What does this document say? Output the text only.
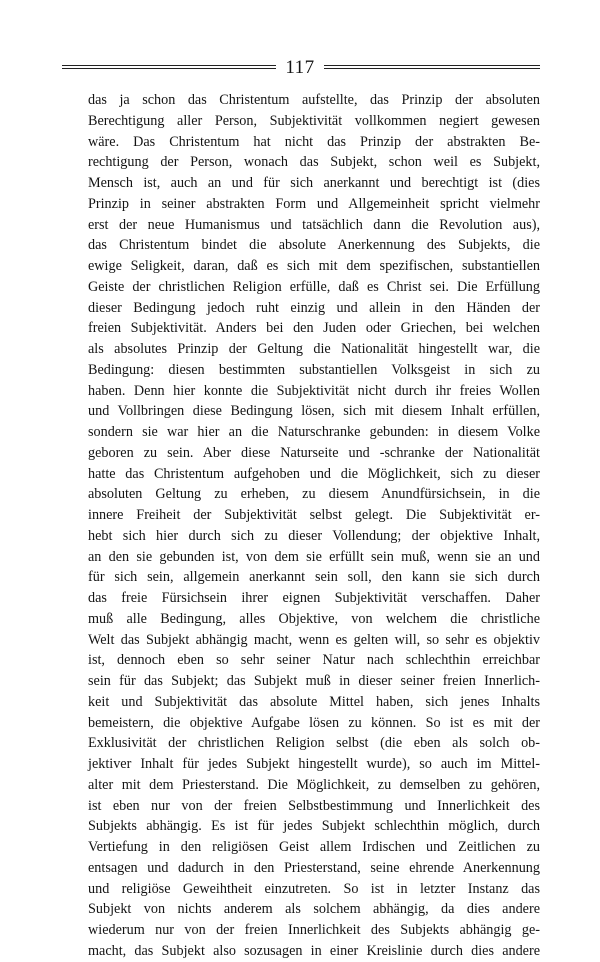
117
das ja schon das Christentum aufstellte, das Prinzip der absoluten
Berechtigung aller Person, Subjektivität vollkommen negiert gewesen
wäre. Das Christentum hat nicht das Prinzip der abstrakten Be-
rechtigung der Person, wonach das Subjekt, schon weil es Subjekt,
Mensch ist, auch an und für sich anerkannt und berechtigt ist (dies
Prinzip in seiner abstrakten Form und Allgemeinheit spricht vielmehr
erst der neue Humanismus und tatsächlich dann die Revolution aus),
das Christentum bindet die absolute Anerkennung des Subjekts, die
ewige Seligkeit, daran, daß es sich mit dem spezifischen, substantiellen
Geiste der christlichen Religion erfülle, daß es Christ sei. Die Erfüllung
dieser Bedingung jedoch ruht einzig und allein in den Händen der
freien Subjektivität. Anders bei den Juden oder Griechen, bei welchen
als absolutes Prinzip der Geltung die Nationalität hingestellt war, die
Bedingung: diesen bestimmten substantiellen Volksgeist in sich zu
haben. Denn hier konnte die Subjektivität nicht durch ihr freies Wollen
und Vollbringen diese Bedingung lösen, sich mit diesem Inhalt erfüllen,
sondern sie war hier an die Naturschranke gebunden: in diesem Volke
geboren zu sein. Aber diese Naturseite und -schranke der Nationalität
hatte das Christentum aufgehoben und die Möglichkeit, sich zu dieser
absoluten Geltung zu erheben, zu diesem Anundfürsichsein, in die
innere Freiheit der Subjektivität selbst gelegt. Die Subjektivität er-
hebt sich hier durch sich zu dieser Vollendung; der objektive Inhalt,
an den sie gebunden ist, von dem sie erfüllt sein muß, wenn sie an und
für sich sein, allgemein anerkannt sein soll, den kann sie sich durch
das freie Fürsichsein ihrer eignen Subjektivität verschaffen. Daher
muß alle Bedingung, alles Objektive, von welchem die christliche
Welt das Subjekt abhängig macht, wenn es gelten will, so sehr es objektiv
ist, dennoch eben so sehr seiner Natur nach schlechthin erreichbar
sein für das Subjekt; das Subjekt muß in dieser seiner freien Innerlich-
keit und Subjektivität das absolute Mittel haben, sich jenes Inhalts
bemeistern, die objektive Aufgabe lösen zu können. So ist es mit der
Exklusivität der christlichen Religion selbst (die eben als solch ob-
jektiver Inhalt für jedes Subjekt hingestellt wurde), so auch im Mittel-
alter mit dem Priesterstand. Die Möglichkeit, zu demselben zu gehören,
ist eben nur von der freien Selbstbestimmung und Innerlichkeit des
Subjekts abhängig. Es ist für jedes Subjekt schlechthin möglich, durch
Vertiefung in den religiösen Geist allem Irdischen und Zeitlichen zu
entsagen und dadurch in den Priesterstand, seine ehrende Anerkennung
und religiöse Geweihtheit einzutreten. So ist in letzter Instanz das
Subjekt von nichts anderem als solchem abhängig, da dies andere
wiederum nur von der freien Innerlichkeit des Subjekts abhängig ge-
macht, das Subjekt also sozusagen in einer Kreislinie durch dies andere
